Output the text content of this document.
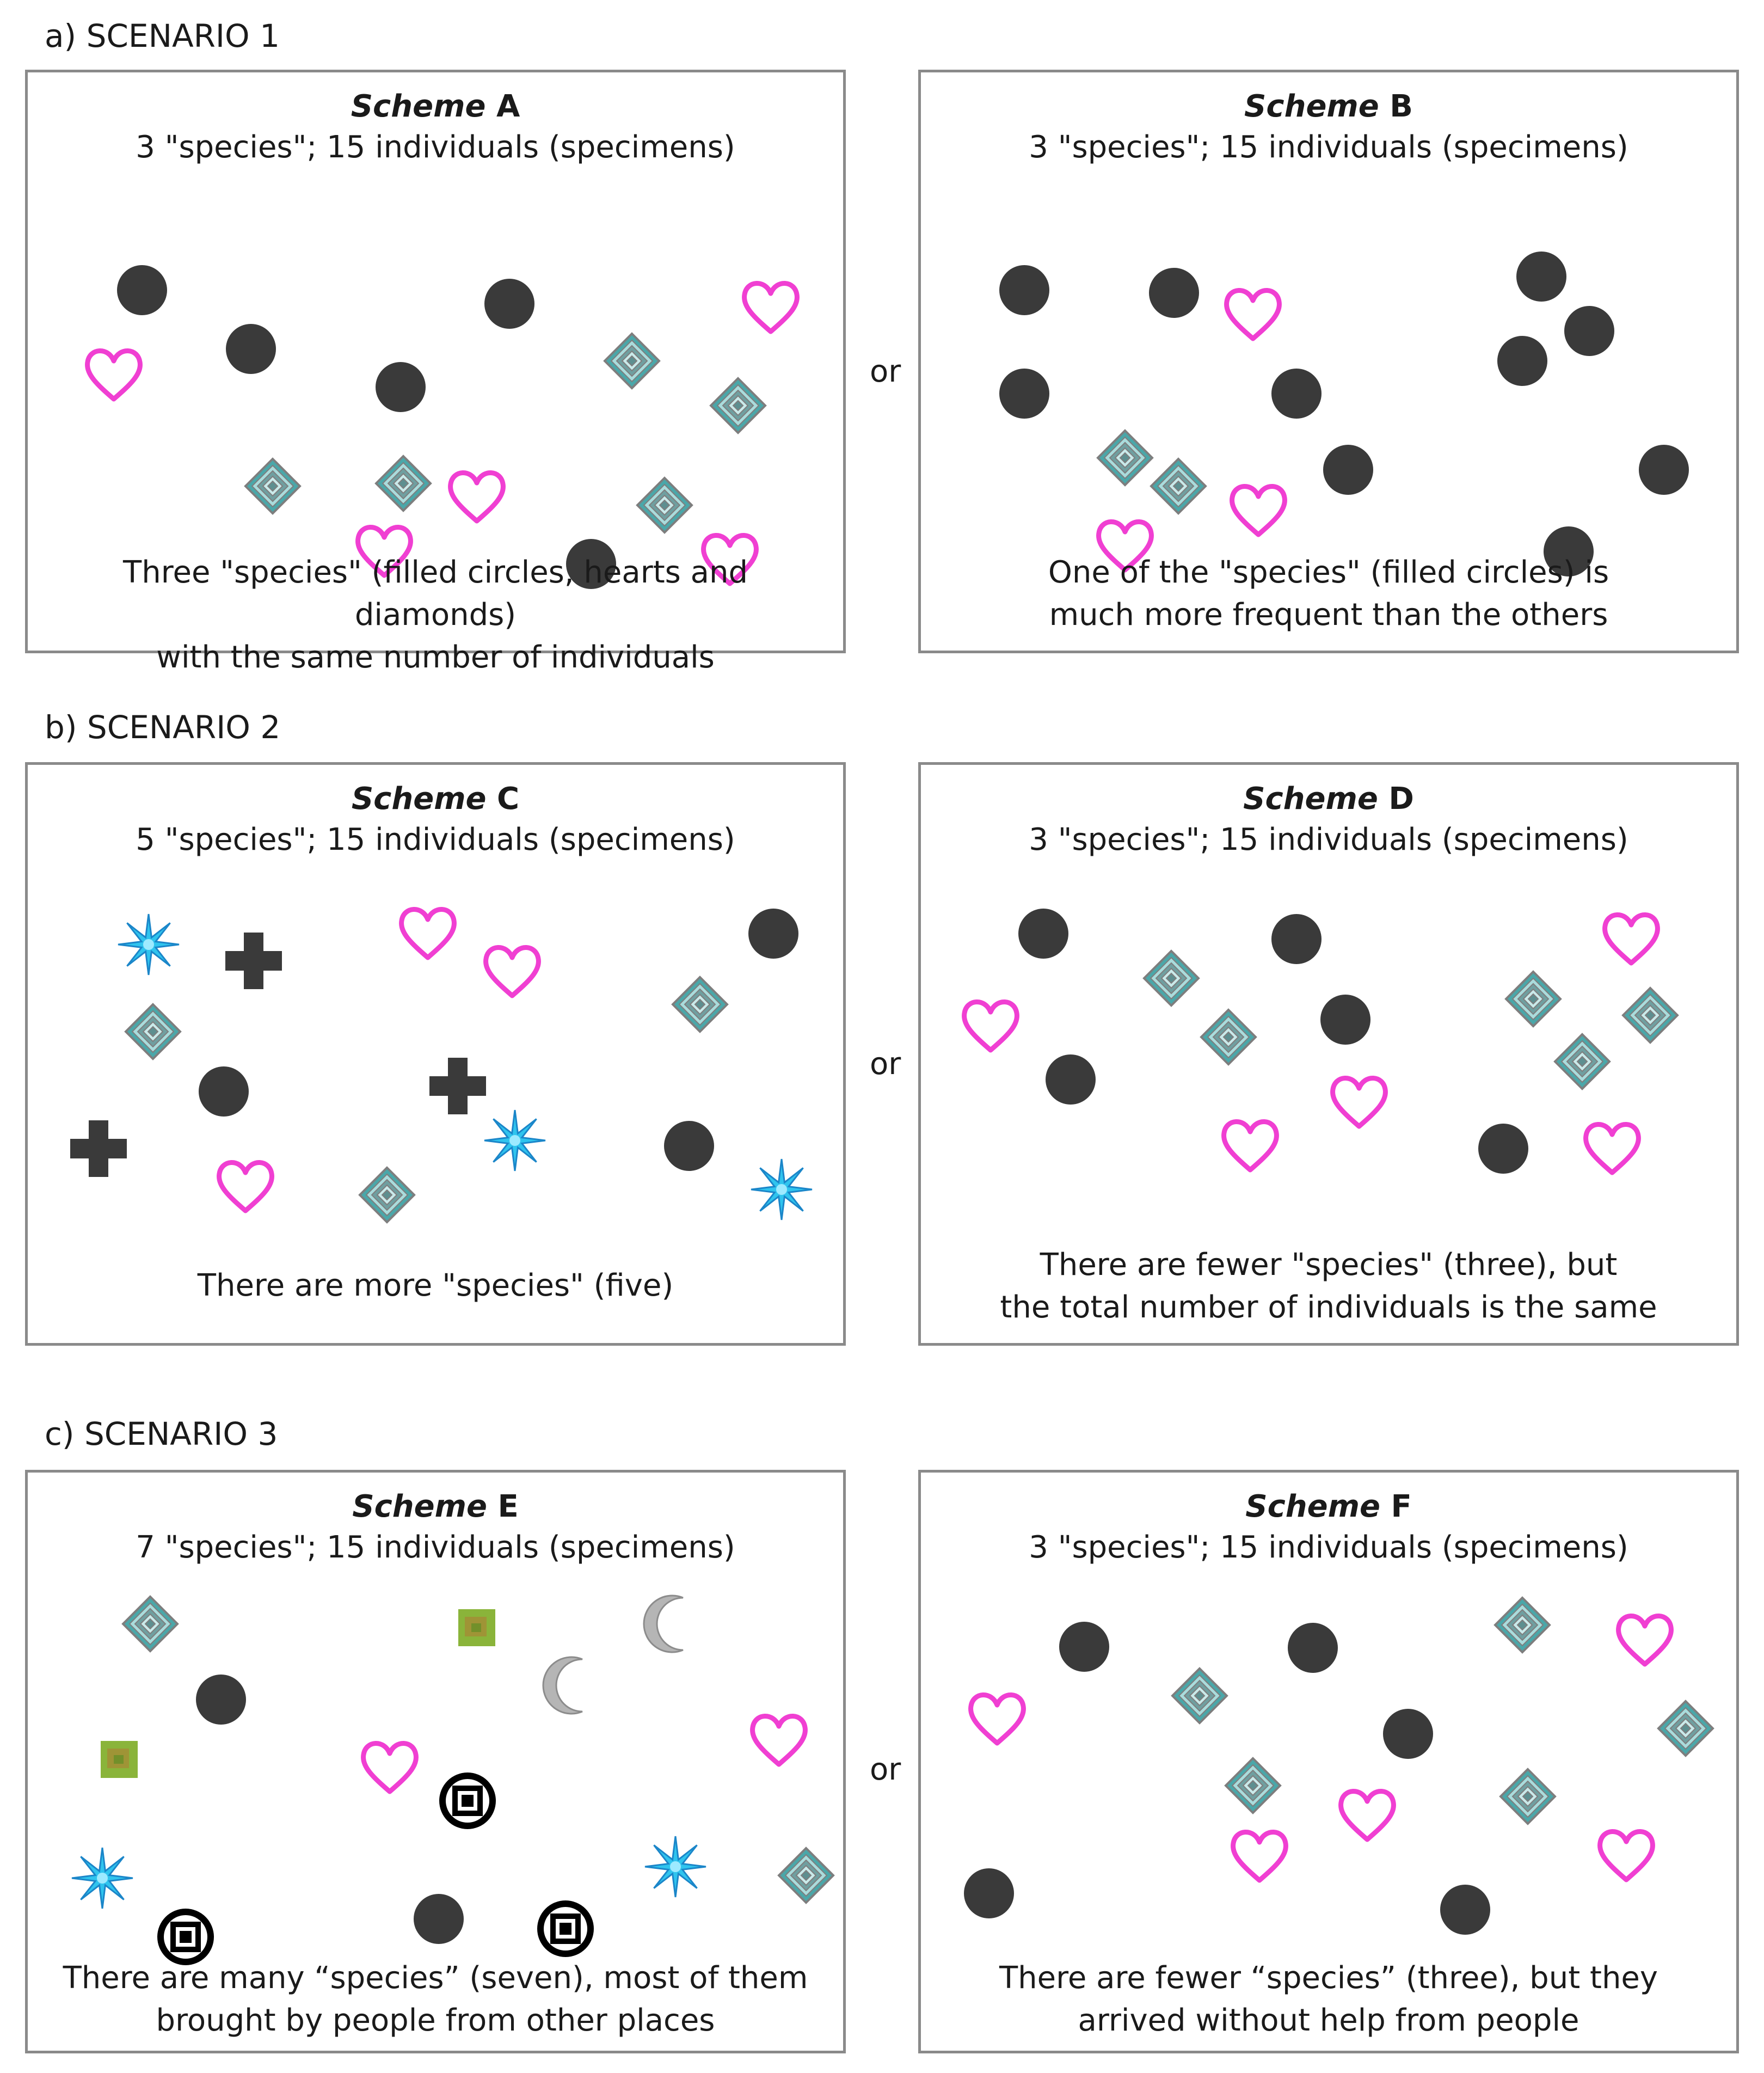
a) SCENARIO 1
Scheme A
3 "species"; 15 individuals (specimens)
Three "species" (filled circles, hearts and diamonds)
with the same number of individuals
or
Scheme B
3 "species"; 15 individuals (specimens)
One of the "species" (filled circles) is
much more frequent than the others
b) SCENARIO 2
Scheme C
5 "species"; 15 individuals (specimens)
There are more "species" (five)
or
Scheme D
3 "species"; 15 individuals (specimens)
There are fewer "species" (three), but
the total number of individuals is the same
c) SCENARIO 3
Scheme E
7 "species"; 15 individuals (specimens)
There are many “species” (seven), most of them
brought by people from other places
or
Scheme F
3 "species"; 15 individuals (specimens)
There are fewer “species” (three), but they
arrived without help from people
